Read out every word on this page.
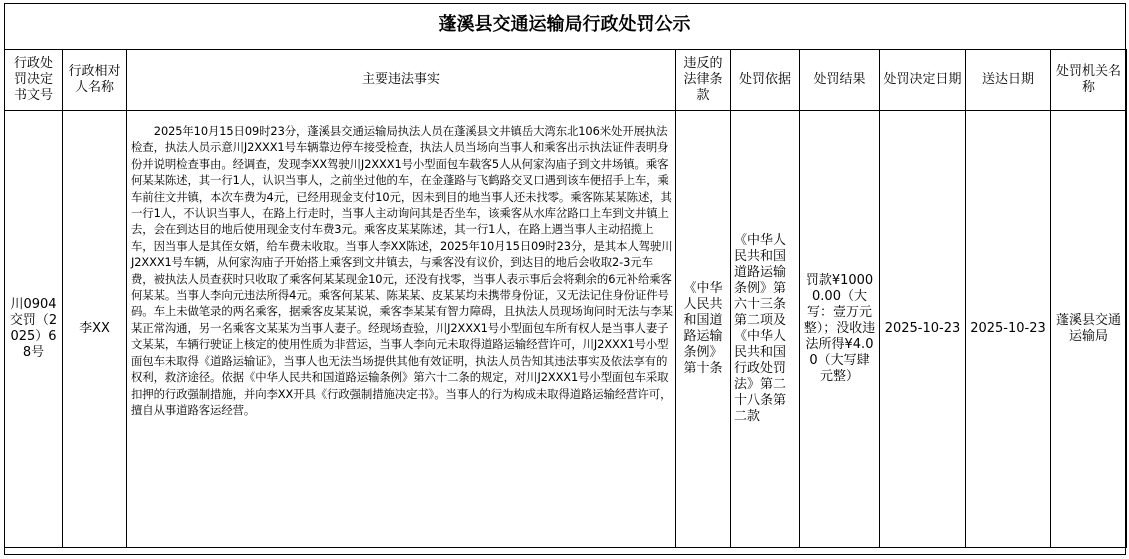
蓬溪县交通运输局行政处罚公示
行政处罚决定书文号	行政相对人名称	主要违法事实	违反的法律条款	处罚依据	处罚结果	处罚决定日期	送达日期	处罚机关名称
川0904交罚（2025）68号	李XX	2025年10月15日09时23分，蓬溪县交通运输局执法人员在蓬溪县文井镇岳大湾东北106米处开展执法检查，执法人员示意川J2XXX1号车辆靠边停车接受检查，执法人员当场向当事人和乘客出示执法证件表明身份并说明检查事由。经调查，发现李XX驾驶川J2XXX1号小型面包车载客5人从何家沟庙子到文井场镇。乘客何某某陈述，其一行1人，认识当事人，之前坐过他的车，在金蓬路与飞鹤路交叉口遇到该车便招手上车，乘车前往文井镇，本次车费为4元，已经用现金支付10元，因未到目的地当事人还未找零。乘客陈某某陈述，其一行1人，不认识当事人，在路上行走时，当事人主动询问其是否坐车，该乘客从水库岔路口上车到文井镇上去，会在到达目的地后使用现金支付车费3元。乘客皮某某陈述，其一行1人，在路上遇当事人主动招揽上车，因当事人是其侄女婿，给车费未收取。当事人李XX陈述，2025年10月15日09时23分，是其本人驾驶川J2XXX1号车辆，从何家沟庙子开始搭上乘客到文井镇去，与乘客没有议价，到达目的地后会收取2-3元车费，被执法人员查获时只收取了乘客何某某现金10元，还没有找零，当事人表示事后会将剩余的6元补给乘客何某某。当事人李向元违法所得4元。乘客何某某、陈某某、皮某某均未携带身份证，又无法记住身份证件号码。车上未做笔录的两名乘客，据乘客皮某某说，乘客李某某有智力障碍，且执法人员现场询问时无法与李某某正常沟通，另一名乘客文某某为当事人妻子。经现场查验，川J2XXX1号小型面包车所有权人是当事人妻子文某某，车辆行驶证上核定的使用性质为非营运，当事人李向元未取得道路运输经营许可，川J2XXX1号小型面包车未取得《道路运输证》，当事人也无法当场提供其他有效证明，执法人员告知其违法事实及依法享有的权利，救济途径。依据《中华人民共和国道路运输条例》第六十二条的规定，对川J2XXX1号小型面包车采取扣押的行政强制措施，并向李XX开具《行政强制措施决定书》。当事人的行为构成未取得道路运输经营许可，擅自从事道路客运经营。	《中华人民共和国道路运输条例》第十条	《中华人民共和国道路运输条例》第六十三条第二项及《中华人民共和国行政处罚法》第二十八条第二款	罚款¥10000.00（大写：壹万元整）；没收违法所得¥4.00（大写肆元整）	2025-10-23	2025-10-23	蓬溪县交通运输局
